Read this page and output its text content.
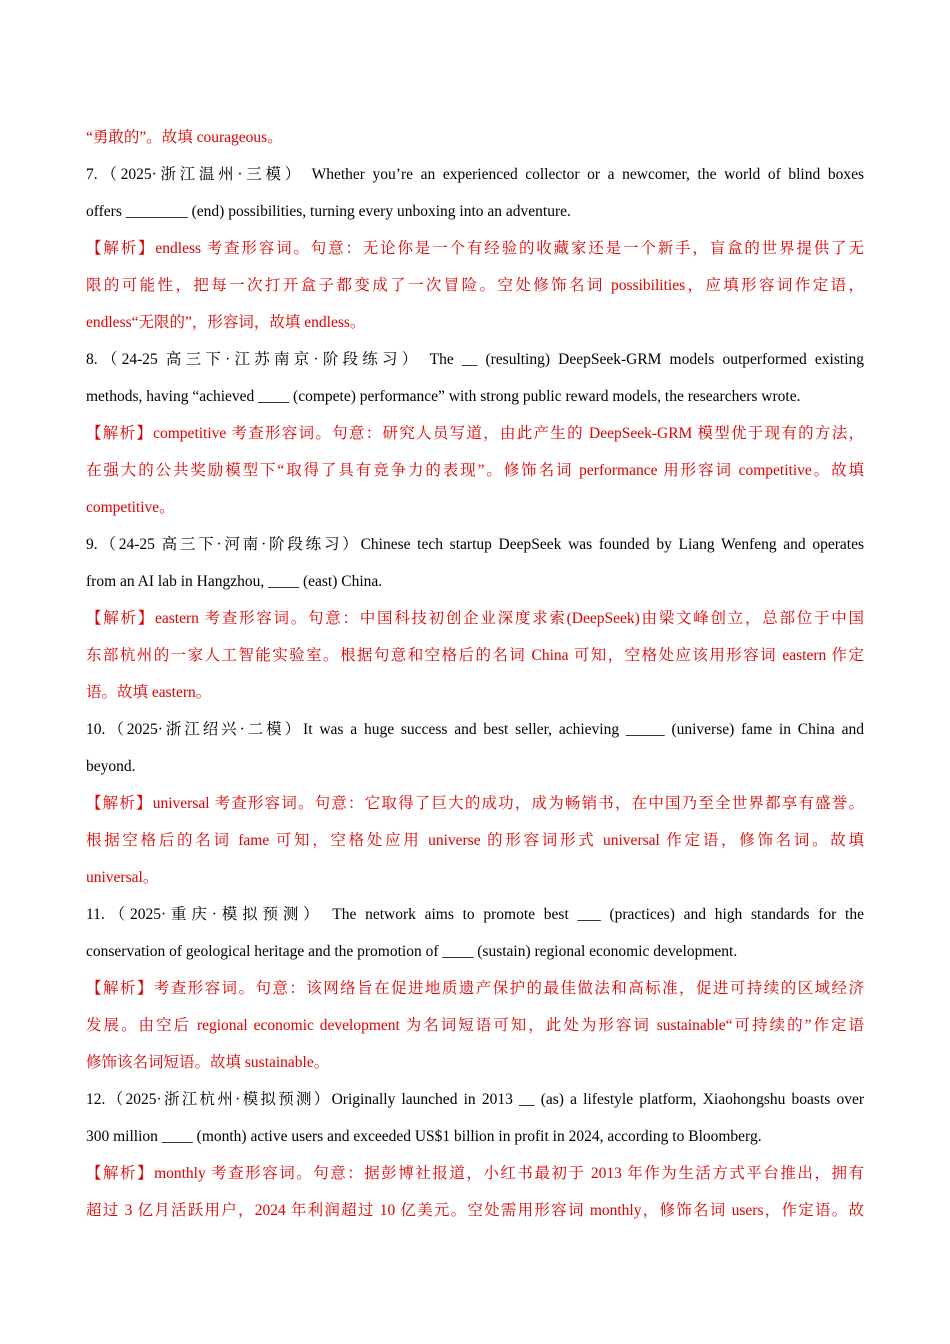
“勇敢的”。故填 courageous。
7.（2025·浙江温州·三模） Whether you’re an experienced collector or a newcomer, the world of blind boxes
offers ________ (end) possibilities, turning every unboxing into an adventure.
【解析】endless 考查形容词。句意：无论你是一个有经验的收藏家还是一个新手，盲盒的世界提供了无
限的可能性，把每一次打开盒子都变成了一次冒险。空处修饰名词 possibilities，应填形容词作定语，
endless“无限的”，形容词，故填 endless。
8.（24-25 高三下·江苏南京·阶段练习） The __ (resulting) DeepSeek-GRM models outperformed existing
methods, having “achieved ____ (compete) performance” with strong public reward models, the researchers wrote.
【解析】competitive 考查形容词。句意：研究人员写道，由此产生的 DeepSeek-GRM 模型优于现有的方法，
在强大的公共奖励模型下“取得了具有竞争力的表现”。修饰名词 performance 用形容词 competitive。故填
competitive。
9.（24-25 高三下·河南·阶段练习）Chinese tech startup DeepSeek was founded by Liang Wenfeng and operates
from an AI lab in Hangzhou, ____ (east) China.
【解析】eastern 考查形容词。句意：中国科技初创企业深度求索(DeepSeek)由梁文峰创立，总部位于中国
东部杭州的一家人工智能实验室。根据句意和空格后的名词 China 可知，空格处应该用形容词 eastern 作定
语。故填 eastern。
10.（2025·浙江绍兴·二模）It was a huge success and best seller, achieving _____ (universe) fame in China and
beyond.
【解析】universal 考查形容词。句意：它取得了巨大的成功，成为畅销书，在中国乃至全世界都享有盛誉。
根据空格后的名词 fame 可知，空格处应用 universe 的形容词形式 universal 作定语，修饰名词。故填
universal。
11.（2025·重庆·模拟预测） The network aims to promote best ___ (practices) and high standards for the
conservation of geological heritage and the promotion of ____ (sustain) regional economic development.
【解析】考查形容词。句意：该网络旨在促进地质遗产保护的最佳做法和高标准，促进可持续的区域经济
发展。由空后 regional economic development 为名词短语可知，此处为形容词 sustainable“可持续的”作定语
修饰该名词短语。故填 sustainable。
12.（2025·浙江杭州·模拟预测）Originally launched in 2013 __ (as) a lifestyle platform, Xiaohongshu boasts over
300 million ____ (month) active users and exceeded US$1 billion in profit in 2024, according to Bloomberg.
【解析】monthly 考查形容词。句意：据彭博社报道，小红书最初于 2013 年作为生活方式平台推出，拥有
超过 3 亿月活跃用户，2024 年利润超过 10 亿美元。空处需用形容词 monthly，修饰名词 users，作定语。故
